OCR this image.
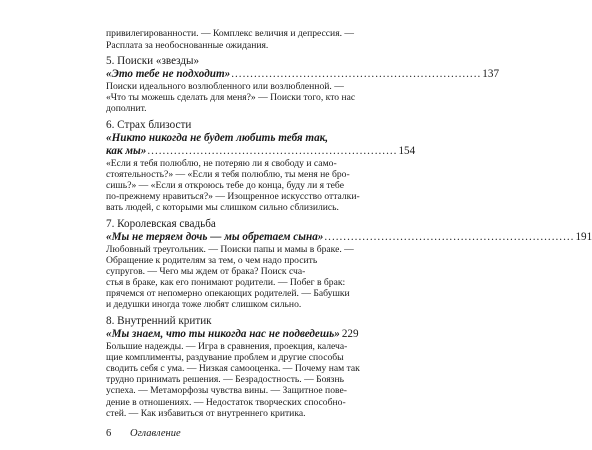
привилегированности. — Комплекс величия и депрессия. —
Расплата за необоснованные ожидания.
5. Поиски «звезды»
«Это тебе не подходит» .................................................................. 137
Поиски идеального возлюбленного или возлюбленной. —
«Что ты можешь сделать для меня?» — Поиски того, кто нас
дополнит.
6. Страх близости
«Никто никогда не будет любить тебя так,
как мы» .................................................................. 154
«Если я тебя полюблю, не потеряю ли я свободу и само-
стоятельность?» — «Если я тебя полюблю, ты меня не бро-
сишь?» — «Если я откроюсь тебе до конца, буду ли я тебе
по-прежнему нравиться?» — Изощренное искусство отталки-
вать людей, с которыми мы слишком сильно сблизились.
7. Королевская свадьба
«Мы не теряем дочь — мы обретаем сына» .................................................................. 191
Любовный треугольник. — Поиски папы и мамы в браке. —
Обращение к родителям за тем, о чем надо просить
супругов. — Чего мы ждем от брака? Поиск сча-
стья в браке, как его понимают родители. — Побег в брак:
прячемся от непомерно опекающих родителей. — Бабушки
и дедушки иногда тоже любят слишком сильно.
8. Внутренний критик
«Мы знаем, что ты никогда нас не подведешь» 229
Большие надежды. — Игра в сравнения, проекция, калеча-
щие комплименты, раздувание проблем и другие способы
сводить себя с ума. — Низкая самооценка. — Почему нам так
трудно принимать решения. — Безрадостность. — Боязнь
успеха. — Метаморфозы чувства вины. — Защитное пове-
дение в отношениях. — Недостаток творческих способно-
стей. — Как избавиться от внутреннего критика.
6 Оглавление
